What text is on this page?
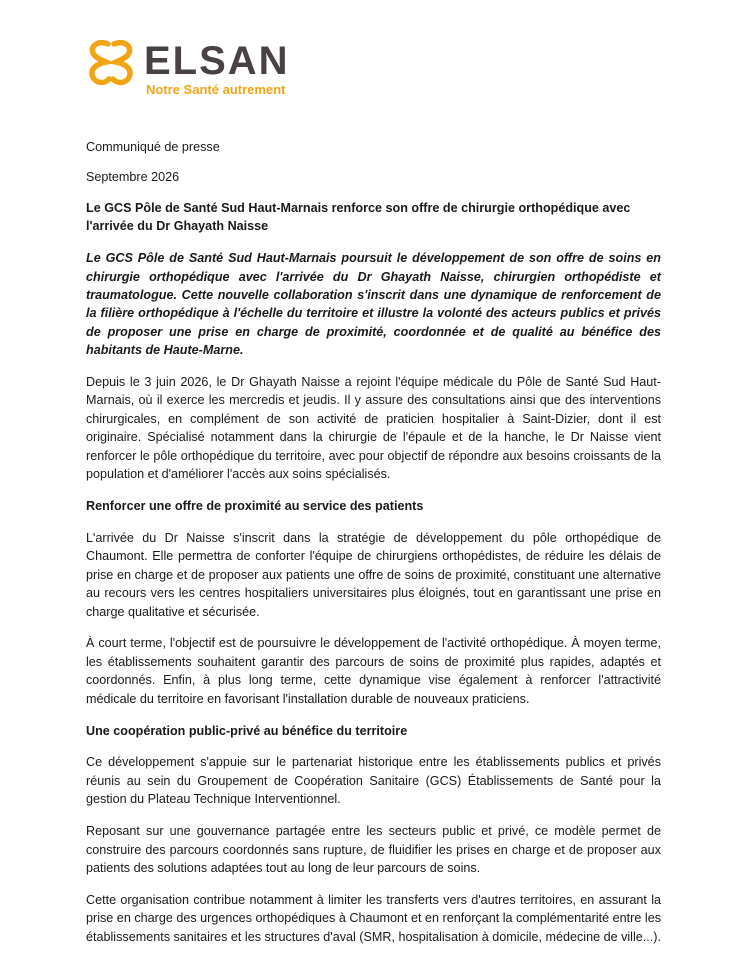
ELSAN
Notre Santé autrement

Communiqué de presse

Septembre 2026

Le GCS Pôle de Santé Sud Haut-Marnais renforce son offre de chirurgie orthopédique avec l'arrivée du Dr Ghayath Naisse

Le GCS Pôle de Santé Sud Haut-Marnais poursuit le développement de son offre de soins en chirurgie orthopédique avec l'arrivée du Dr Ghayath Naisse, chirurgien orthopédiste et traumatologue. Cette nouvelle collaboration s'inscrit dans une dynamique de renforcement de la filière orthopédique à l'échelle du territoire et illustre la volonté des acteurs publics et privés de proposer une prise en charge de proximité, coordonnée et de qualité au bénéfice des habitants de Haute-Marne.

Depuis le 3 juin 2026, le Dr Ghayath Naisse a rejoint l'équipe médicale du Pôle de Santé Sud Haut-Marnais, où il exerce les mercredis et jeudis. Il y assure des consultations ainsi que des interventions chirurgicales, en complément de son activité de praticien hospitalier à Saint-Dizier, dont il est originaire. Spécialisé notamment dans la chirurgie de l'épaule et de la hanche, le Dr Naisse vient renforcer le pôle orthopédique du territoire, avec pour objectif de répondre aux besoins croissants de la population et d'améliorer l'accès aux soins spécialisés.

Renforcer une offre de proximité au service des patients

L'arrivée du Dr Naisse s'inscrit dans la stratégie de développement du pôle orthopédique de Chaumont. Elle permettra de conforter l'équipe de chirurgiens orthopédistes, de réduire les délais de prise en charge et de proposer aux patients une offre de soins de proximité, constituant une alternative au recours vers les centres hospitaliers universitaires plus éloignés, tout en garantissant une prise en charge qualitative et sécurisée.

À court terme, l'objectif est de poursuivre le développement de l'activité orthopédique. À moyen terme, les établissements souhaitent garantir des parcours de soins de proximité plus rapides, adaptés et coordonnés. Enfin, à plus long terme, cette dynamique vise également à renforcer l'attractivité médicale du territoire en favorisant l'installation durable de nouveaux praticiens.

Une coopération public-privé au bénéfice du territoire

Ce développement s'appuie sur le partenariat historique entre les établissements publics et privés réunis au sein du Groupement de Coopération Sanitaire (GCS) Établissements de Santé pour la gestion du Plateau Technique Interventionnel.

Reposant sur une gouvernance partagée entre les secteurs public et privé, ce modèle permet de construire des parcours coordonnés sans rupture, de fluidifier les prises en charge et de proposer aux patients des solutions adaptées tout au long de leur parcours de soins.

Cette organisation contribue notamment à limiter les transferts vers d'autres territoires, en assurant la prise en charge des urgences orthopédiques à Chaumont et en renforçant la complémentarité entre les établissements sanitaires et les structures d'aval (SMR, hospitalisation à domicile, médecine de ville...).
